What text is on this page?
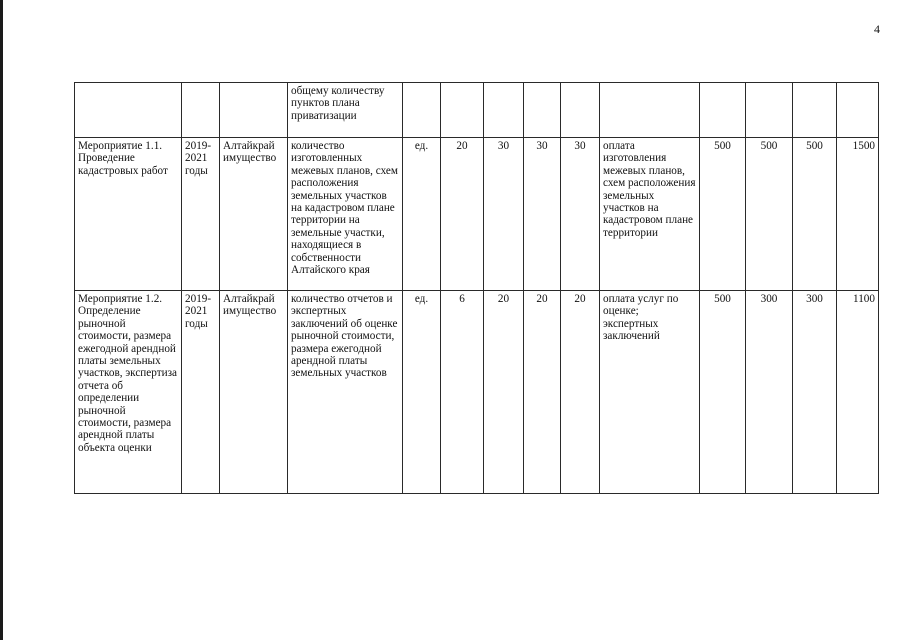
4
			общему количеству пунктов плана приватизации										
Мероприятие 1.1. Проведение кадастровых работ	2019-2021 годы	Алтайкрай имущество	количество изготовленных межевых планов, схем расположения земельных участков на кадастровом плане территории на земельные участки, находящиеся в собственности Алтайского края	ед.	20	30	30	30	оплата изготовления межевых планов, схем расположения земельных участков на кадастровом плане территории	500	500	500	1500
Мероприятие 1.2. Определение рыночной стоимости, размера ежегодной арендной платы земельных участков, экспертиза отчета об определении рыночной стоимости, размера арендной платы объекта оценки	2019-2021 годы	Алтайкрай имущество	количество отчетов и экспертных заключений об оценке рыночной стоимости, размера ежегодной арендной платы земельных участков	ед.	6	20	20	20	оплата услуг по оценке; экспертных заключений	500	300	300	1100
